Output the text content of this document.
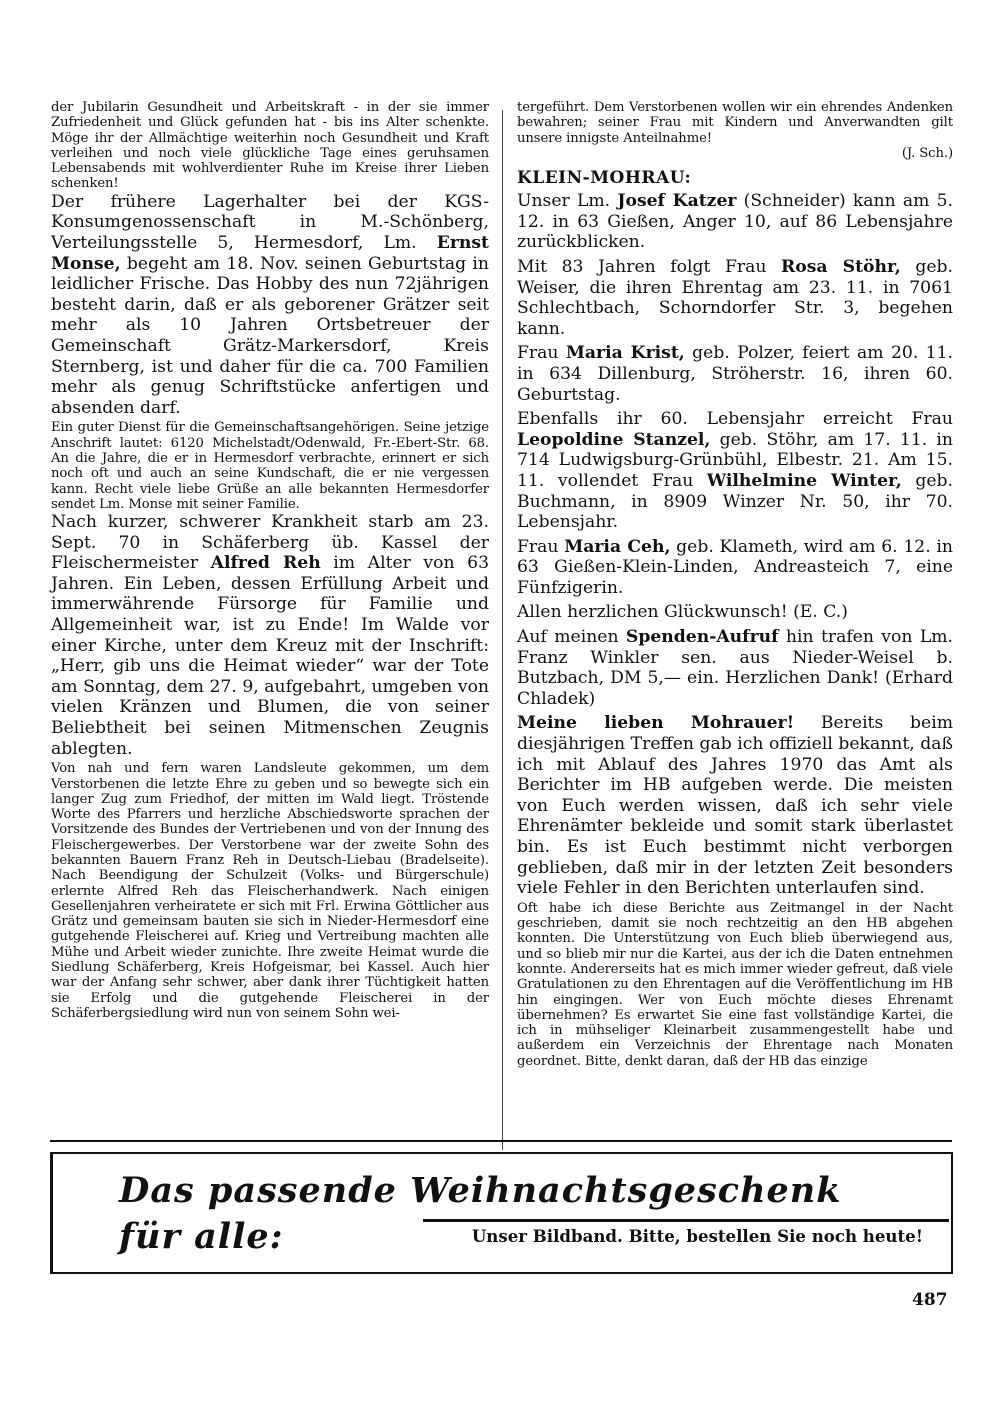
der Jubilarin Gesundheit und Arbeitskraft - in der sie immer Zufriedenheit und Glück gefunden hat - bis ins Alter schenkte. Möge ihr der Allmächtige weiterhin noch Gesundheit und Kraft verleihen und noch viele glückliche Tage eines geruhsamen Lebensabends mit wohlverdienter Ruhe im Kreise ihrer Lieben schenken!

Der frühere Lagerhalter bei der KGS-Konsumgenossenschaft in M.-Schönberg, Verteilungsstelle 5, Hermesdorf, Lm. Ernst Monse, begeht am 18. Nov. seinen Geburtstag in leidlicher Frische. Das Hobby des nun 72jährigen besteht darin, daß er als geborener Grätzer seit mehr als 10 Jahren Ortsbetreuer der Gemeinschaft Grätz-Markersdorf, Kreis Sternberg, ist und daher für die ca. 700 Familien mehr als genug Schriftstücke anfertigen und absenden darf.

Ein guter Dienst für die Gemeinschaftsangehörigen. Seine jetzige Anschrift lautet: 6120 Michelstadt/Odenwald, Fr.-Ebert-Str. 68. An die Jahre, die er in Hermesdorf verbrachte, erinnert er sich noch oft und auch an seine Kundschaft, die er nie vergessen kann. Recht viele liebe Grüße an alle bekannten Hermesdorfer sendet Lm. Monse mit seiner Familie.

Nach kurzer, schwerer Krankheit starb am 23. Sept. 70 in Schäferberg üb. Kassel der Fleischermeister Alfred Reh im Alter von 63 Jahren. Ein Leben, dessen Erfüllung Arbeit und immerwährende Fürsorge für Familie und Allgemeinheit war, ist zu Ende! Im Walde vor einer Kirche, unter dem Kreuz mit der Inschrift: „Herr, gib uns die Heimat wieder“ war der Tote am Sonntag, dem 27. 9, aufgebahrt, umgeben von vielen Kränzen und Blumen, die von seiner Beliebtheit bei seinen Mitmenschen Zeugnis ablegten.

Von nah und fern waren Landsleute gekommen, um dem Verstorbenen die letzte Ehre zu geben und so bewegte sich ein langer Zug zum Friedhof, der mitten im Wald liegt. Tröstende Worte des Pfarrers und herzliche Abschiedsworte sprachen der Vorsitzende des Bundes der Vertriebenen und von der Innung des Fleischergewerbes. Der Verstorbene war der zweite Sohn des bekannten Bauern Franz Reh in Deutsch-Liebau (Bradelseite). Nach Beendigung der Schulzeit (Volks- und Bürgerschule) erlernte Alfred Reh das Fleischerhandwerk. Nach einigen Gesellenjahren verheiratete er sich mit Frl. Erwina Göttlicher aus Grätz und gemeinsam bauten sie sich in Nieder-Hermesdorf eine gutgehende Fleischerei auf. Krieg und Vertreibung machten alle Mühe und Arbeit wieder zunichte. Ihre zweite Heimat wurde die Siedlung Schäferberg, Kreis Hofgeismar, bei Kassel. Auch hier war der Anfang sehr schwer, aber dank ihrer Tüchtigkeit hatten sie Erfolg und die gutgehende Fleischerei in der Schäferbergsiedlung wird nun von seinem Sohn wei-

tergeführt. Dem Verstorbenen wollen wir ein ehrendes Andenken bewahren; seiner Frau mit Kindern und Anverwandten gilt unsere innigste Anteilnahme!

(J. Sch.)

KLEIN-MOHRAU:

Unser Lm. Josef Katzer (Schneider) kann am 5. 12. in 63 Gießen, Anger 10, auf 86 Lebensjahre zurückblicken.

Mit 83 Jahren folgt Frau Rosa Stöhr, geb. Weiser, die ihren Ehrentag am 23. 11. in 7061 Schlechtbach, Schorndorfer Str. 3, begehen kann.

Frau Maria Krist, geb. Polzer, feiert am 20. 11. in 634 Dillenburg, Ströherstr. 16, ihren 60. Geburtstag.

Ebenfalls ihr 60. Lebensjahr erreicht Frau Leopoldine Stanzel, geb. Stöhr, am 17. 11. in 714 Ludwigsburg-Grünbühl, Elbestr. 21. Am 15. 11. vollendet Frau Wilhelmine Winter, geb. Buchmann, in 8909 Winzer Nr. 50, ihr 70. Lebensjahr.

Frau Maria Ceh, geb. Klameth, wird am 6. 12. in 63 Gießen-Klein-Linden, Andreasteich 7, eine Fünfzigerin.

Allen herzlichen Glückwunsch! (E. C.)

Auf meinen Spenden-Aufruf hin trafen von Lm. Franz Winkler sen. aus Nieder-Weisel b. Butzbach, DM 5,— ein. Herzlichen Dank! (Erhard Chladek)

Meine lieben Mohrauer! Bereits beim diesjährigen Treffen gab ich offiziell bekannt, daß ich mit Ablauf des Jahres 1970 das Amt als Berichter im HB aufgeben werde. Die meisten von Euch werden wissen, daß ich sehr viele Ehrenämter bekleide und somit stark überlastet bin. Es ist Euch bestimmt nicht verborgen geblieben, daß mir in der letzten Zeit besonders viele Fehler in den Berichten unterlaufen sind.

Oft habe ich diese Berichte aus Zeitmangel in der Nacht geschrieben, damit sie noch rechtzeitig an den HB abgehen konnten. Die Unterstützung von Euch blieb überwiegend aus, und so blieb mir nur die Kartei, aus der ich die Daten entnehmen konnte. Andererseits hat es mich immer wieder gefreut, daß viele Gratulationen zu den Ehrentagen auf die Veröffentlichung im HB hin eingingen. Wer von Euch möchte dieses Ehrenamt übernehmen? Es erwartet Sie eine fast vollständige Kartei, die ich in mühseliger Kleinarbeit zusammengestellt habe und außerdem ein Verzeichnis der Ehrentage nach Monaten geordnet. Bitte, denkt daran, daß der HB das einzige

Das passende Weihnachtsgeschenk für alle:	Unser Bildband. Bitte, bestellen Sie noch heute!
487
